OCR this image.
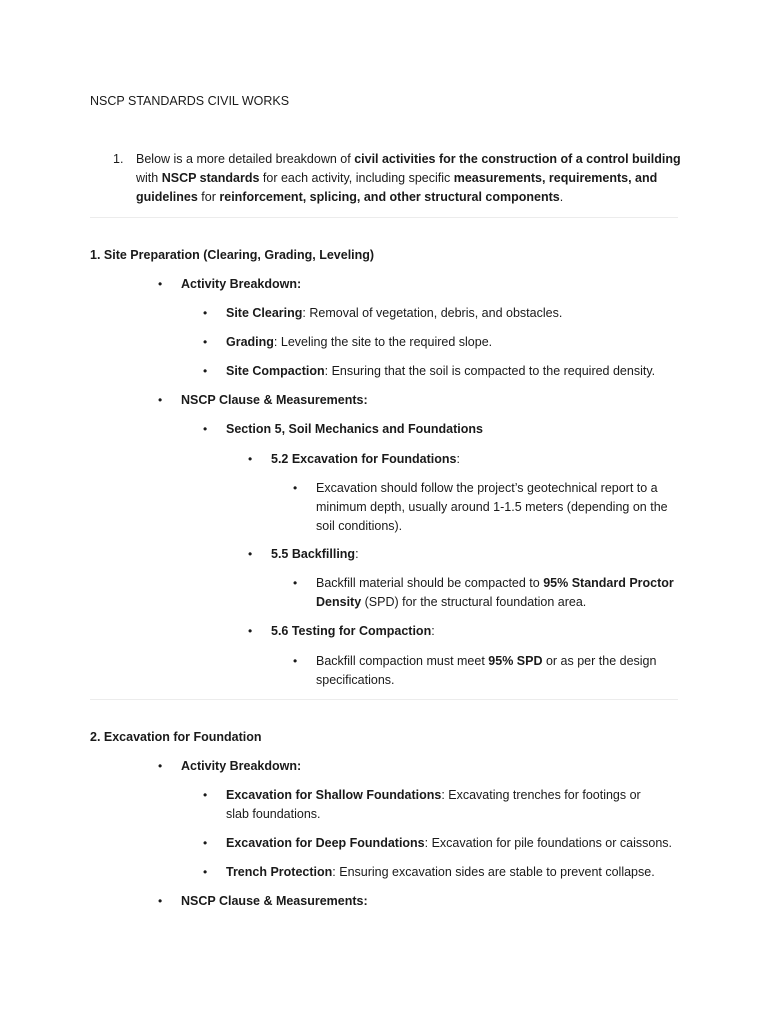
NSCP STANDARDS CIVIL WORKS
1. Below is a more detailed breakdown of civil activities for the construction of a control building with NSCP standards for each activity, including specific measurements, requirements, and guidelines for reinforcement, splicing, and other structural components.
1. Site Preparation (Clearing, Grading, Leveling)
• Activity Breakdown:
• Site Clearing: Removal of vegetation, debris, and obstacles.
• Grading: Leveling the site to the required slope.
• Site Compaction: Ensuring that the soil is compacted to the required density.
• NSCP Clause & Measurements:
• Section 5, Soil Mechanics and Foundations
• 5.2 Excavation for Foundations:
• Excavation should follow the project’s geotechnical report to a minimum depth, usually around 1-1.5 meters (depending on the soil conditions).
• 5.5 Backfilling:
• Backfill material should be compacted to 95% Standard Proctor Density (SPD) for the structural foundation area.
• 5.6 Testing for Compaction:
• Backfill compaction must meet 95% SPD or as per the design specifications.
2. Excavation for Foundation
• Activity Breakdown:
• Excavation for Shallow Foundations: Excavating trenches for footings or slab foundations.
• Excavation for Deep Foundations: Excavation for pile foundations or caissons.
• Trench Protection: Ensuring excavation sides are stable to prevent collapse.
• NSCP Clause & Measurements:
